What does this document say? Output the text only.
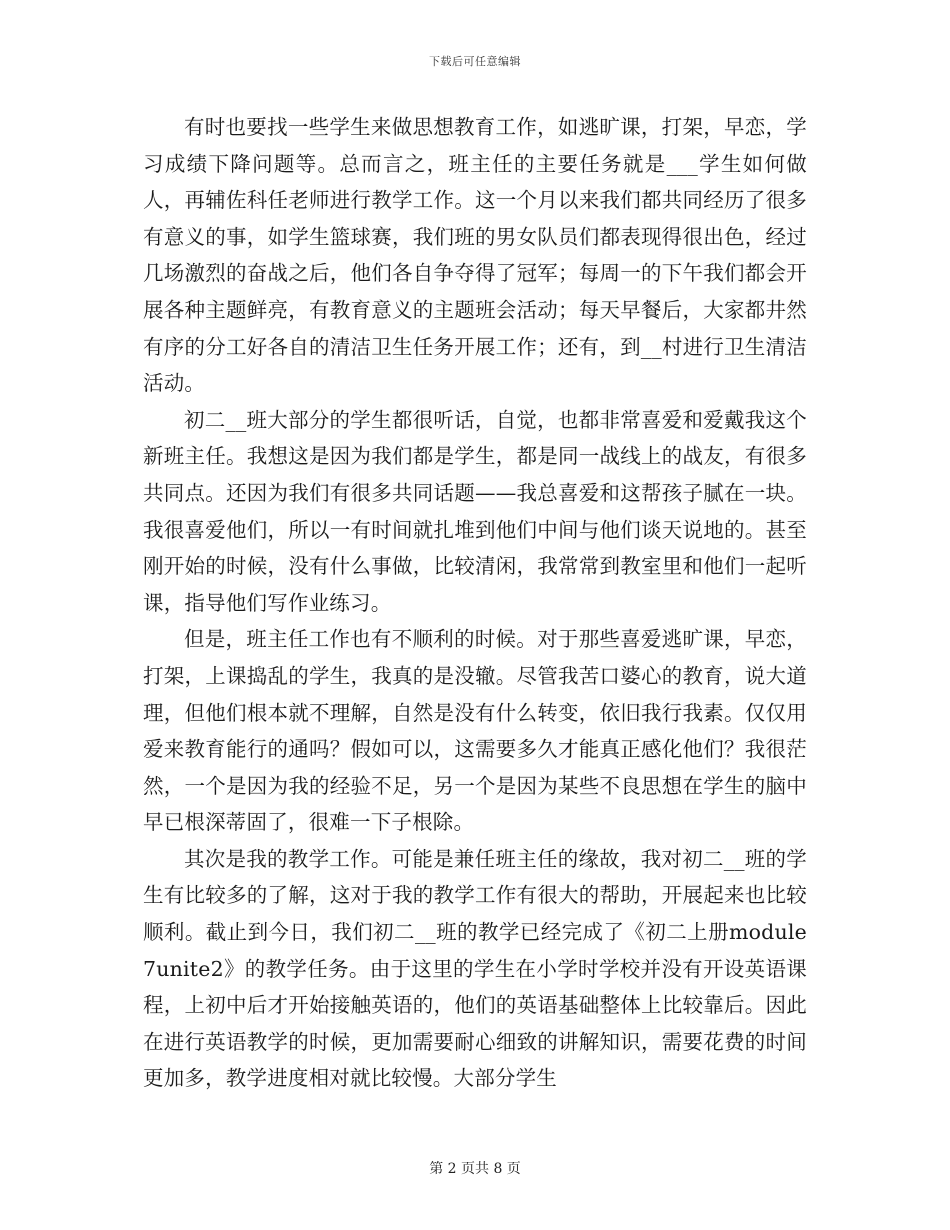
下载后可任意编辑

有时也要找一些学生来做思想教育工作，如逃旷课，打架，早恋，学习成绩下降问题等。总而言之，班主任的主要任务就是___学生如何做人，再辅佐科任老师进行教学工作。这一个月以来我们都共同经历了很多有意义的事，如学生篮球赛，我们班的男女队员们都表现得很出色，经过几场激烈的奋战之后，他们各自争夺得了冠军；每周一的下午我们都会开展各种主题鲜亮，有教育意义的主题班会活动；每天早餐后，大家都井然有序的分工好各自的清洁卫生任务开展工作；还有，到__村进行卫生清洁活动。

初二__班大部分的学生都很听话，自觉，也都非常喜爱和爱戴我这个新班主任。我想这是因为我们都是学生，都是同一战线上的战友，有很多共同点。还因为我们有很多共同话题——我总喜爱和这帮孩子腻在一块。我很喜爱他们，所以一有时间就扎堆到他们中间与他们谈天说地的。甚至刚开始的时候，没有什么事做，比较清闲，我常常到教室里和他们一起听课，指导他们写作业练习。

但是，班主任工作也有不顺利的时候。对于那些喜爱逃旷课，早恋，打架，上课捣乱的学生，我真的是没辙。尽管我苦口婆心的教育，说大道理，但他们根本就不理解，自然是没有什么转变，依旧我行我素。仅仅用爱来教育能行的通吗？假如可以，这需要多久才能真正感化他们？我很茫然，一个是因为我的经验不足，另一个是因为某些不良思想在学生的脑中早已根深蒂固了，很难一下子根除。

其次是我的教学工作。可能是兼任班主任的缘故，我对初二__班的学生有比较多的了解，这对于我的教学工作有很大的帮助，开展起来也比较顺利。截止到今日，我们初二__班的教学已经完成了《初二上册module7unite2》的教学任务。由于这里的学生在小学时学校并没有开设英语课程，上初中后才开始接触英语的，他们的英语基础整体上比较靠后。因此在进行英语教学的时候，更加需要耐心细致的讲解知识，需要花费的时间更加多，教学进度相对就比较慢。大部分学生

第 2 页共 8 页
